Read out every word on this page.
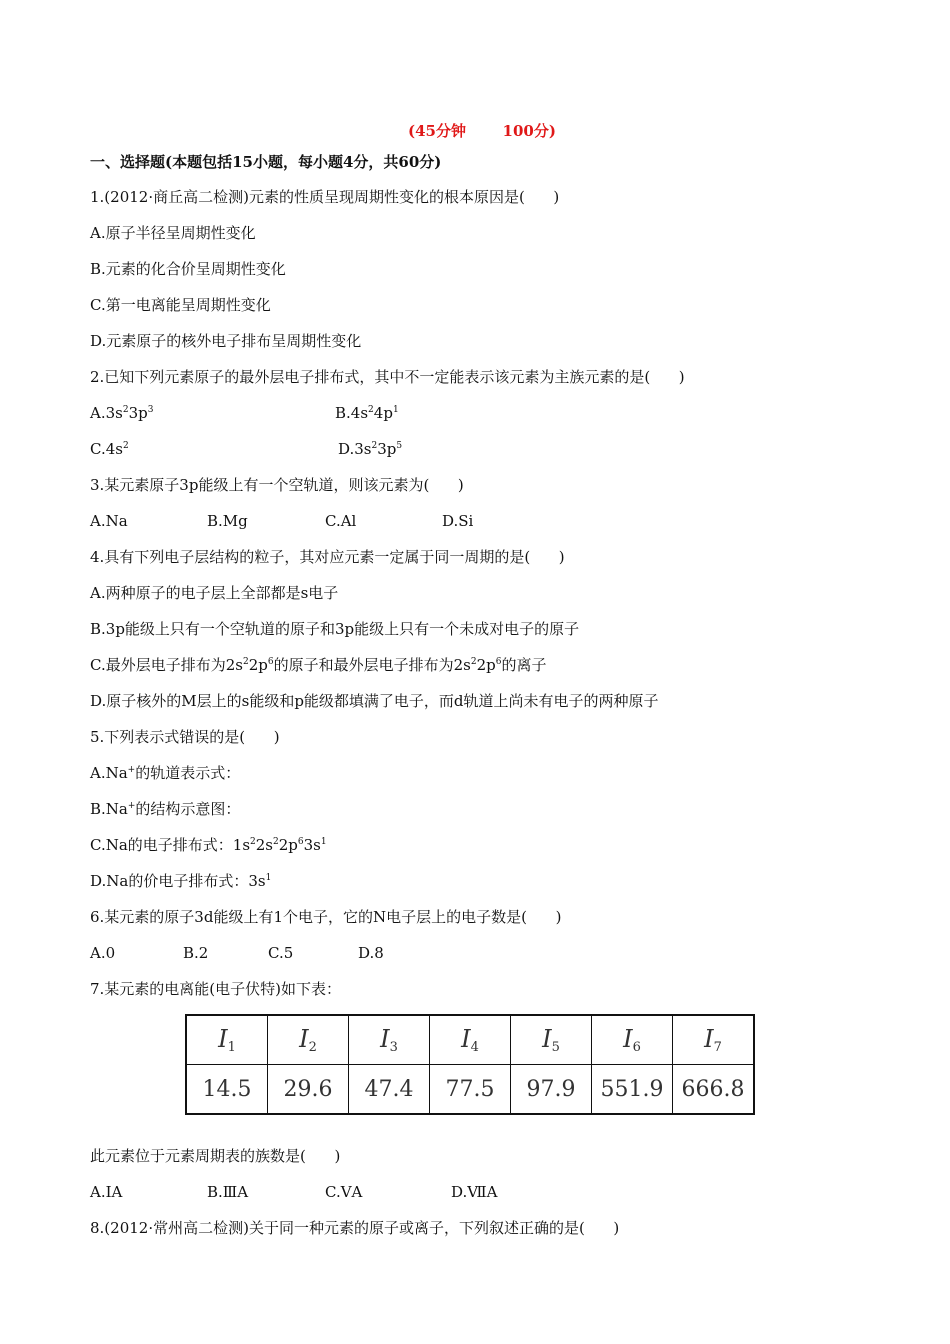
(45分钟       100分)
一、选择题(本题包括15小题，每小题4分，共60分)
1.(2012·商丘高二检测)元素的性质呈现周期性变化的根本原因是(      )
A.原子半径呈周期性变化
B.元素的化合价呈周期性变化
C.第一电离能呈周期性变化
D.元素原子的核外电子排布呈周期性变化
2.已知下列元素原子的最外层电子排布式，其中不一定能表示该元素为主族元素的是(      )
$A.3s^23p^3$	$B.4s^24p^1$
$C.4s^2$	$D.3s^23p^5$
3.某元素原子3p能级上有一个空轨道，则该元素为(      )
A.Na	B.Mg	C.Al	D.Si
4.具有下列电子层结构的粒子，其对应元素一定属于同一周期的是(      )
A.两种原子的电子层上全部都是s电子
B.3p能级上只有一个空轨道的原子和3p能级上只有一个未成对电子的原子
C.最外层电子排布为$2s^22p^6$的原子和最外层电子排布为$2s^22p^6$的离子
D.原子核外的M层上的s能级和p能级都填满了电子，而d轨道上尚未有电子的两种原子
5.下列表示式错误的是(      )
A.Na+的轨道表示式：
B.Na+的结构示意图：
C.Na的电子排布式：$1s^22s^22p^63s^1$
D.Na的价电子排布式：$3s^1$
6.某元素的原子3d能级上有1个电子，它的N电子层上的电子数是(      )
A.0	B.2	C.5	D.8
7.某元素的电离能(电子伏特)如下表：
$I_1$	$I_2$	$I_3$	$I_4$	$I_5$	$I_6$	$I_7$
14.5	29.6	47.4	77.5	97.9	551.9	666.8
此元素位于元素周期表的族数是(      )
A.ⅠA	B.ⅢA	C.ⅤA	D.ⅦA
8.(2012·常州高二检测)关于同一种元素的原子或离子，下列叙述正确的是(      )
